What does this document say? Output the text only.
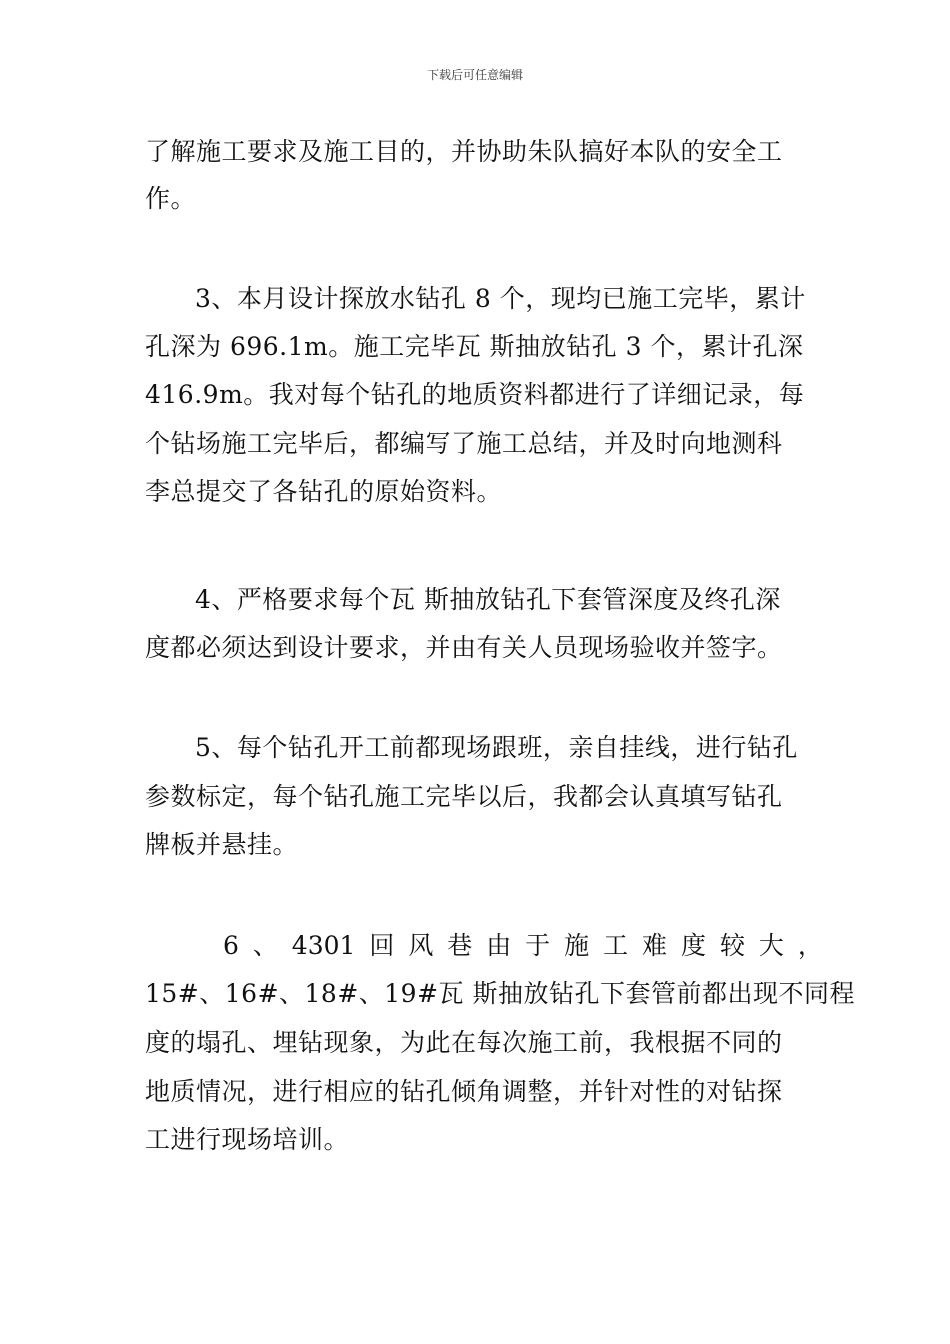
下载后可任意编辑
了解施工要求及施工目的，并协助朱队搞好本队的安全工
作。
3、本月设计探放水钻孔 8 个，现均已施工完毕，累计
孔深为 696.1m。施工完毕瓦 斯抽放钻孔 3 个，累计孔深
416.9m。我对每个钻孔的地质资料都进行了详细记录，每
个钻场施工完毕后，都编写了施工总结，并及时向地测科
李总提交了各钻孔的原始资料。
4、严格要求每个瓦 斯抽放钻孔下套管深度及终孔深
度都必须达到设计要求，并由有关人员现场验收并签字。
5、每个钻孔开工前都现场跟班，亲自挂线，进行钻孔
参数标定，每个钻孔施工完毕以后，我都会认真填写钻孔
牌板并悬挂。
6 、 4301 回 风 巷 由 于 施 工 难 度 较 大 ，
15#、16#、18#、19#瓦 斯抽放钻孔下套管前都出现不同程
度的塌孔、埋钻现象，为此在每次施工前，我根据不同的
地质情况，进行相应的钻孔倾角调整，并针对性的对钻探
工进行现场培训。
